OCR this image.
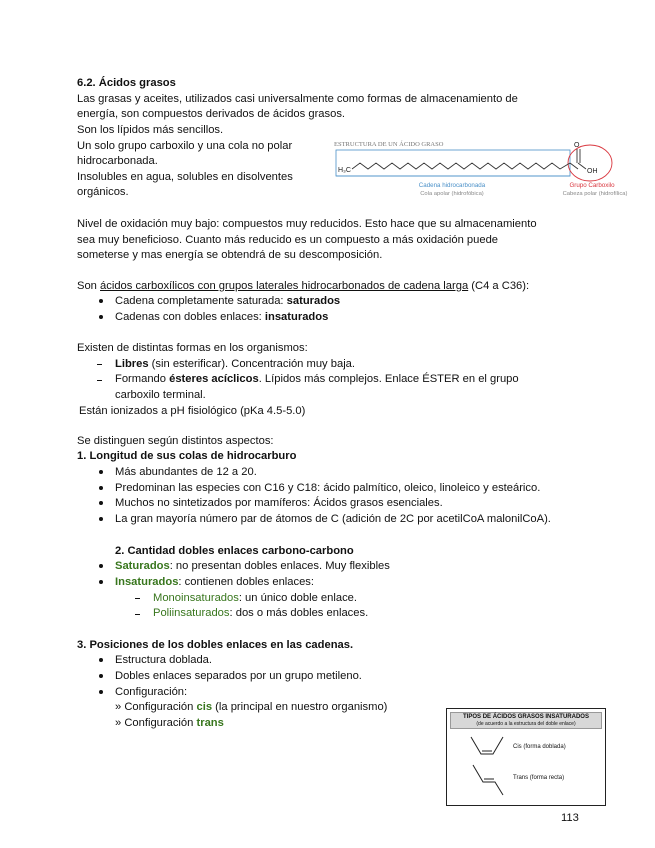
6.2. Ácidos grasos
Las grasas y aceites, utilizados casi universalmente como formas de almacenamiento de
energía, son compuestos derivados de ácidos grasos.
Son los lípidos más sencillos.
Un solo grupo carboxilo y una cola no polar
hidrocarbonada.
Insolubles en agua, solubles en disolventes
orgánicos.
ESTRUCTURA DE UN ÁCIDO GRASO
H₃C
O
OH
Cadena hidrocarbonada
Cola apolar (hidrofóbica)
Grupo Carboxilo
Cabeza polar (hidrofílica)
Nivel de oxidación muy bajo: compuestos muy reducidos. Esto hace que su almacenamiento
sea muy beneficioso. Cuanto más reducido es un compuesto a más oxidación puede
someterse y mas energía se obtendrá de su descomposición.
Son ácidos carboxílicos con grupos laterales hidrocarbonados de cadena larga (C4 a C36):
Cadena completamente saturada: saturados
Cadenas con dobles enlaces: insaturados
Existen de distintas formas en los organismos:
Libres (sin esterificar). Concentración muy baja.
Formando ésteres acíclicos. Lípidos más complejos. Enlace ÉSTER en el grupo
carboxilo terminal.
Están ionizados a pH fisiológico (pKa 4.5-5.0)
Se distinguen según distintos aspectos:
1. Longitud de sus colas de hidrocarburo
Más abundantes de 12 a 20.
Predominan las especies con C16 y C18: ácido palmítico, oleico, linoleico y esteárico.
Muchos no sintetizados por mamíferos: Ácidos grasos esenciales.
La gran mayoría número par de átomos de C (adición de 2C por acetilCoA malonilCoA).
2. Cantidad dobles enlaces carbono-carbono
Saturados: no presentan dobles enlaces. Muy flexibles
Insaturados: contienen dobles enlaces:
Monoinsaturados: un único doble enlace.
Poliinsaturados: dos o más dobles enlaces.
3. Posiciones de los dobles enlaces en las cadenas.
Estructura doblada.
Dobles enlaces separados por un grupo metileno.
Configuración:
» Configuración cis (la principal en nuestro organismo)
» Configuración trans	TIPOS DE ÁCIDOS GRASOS INSATURADOS
(de acuerdo a la estructura del doble enlace)
Cis (forma doblada)
Trans (forma recta)
113
